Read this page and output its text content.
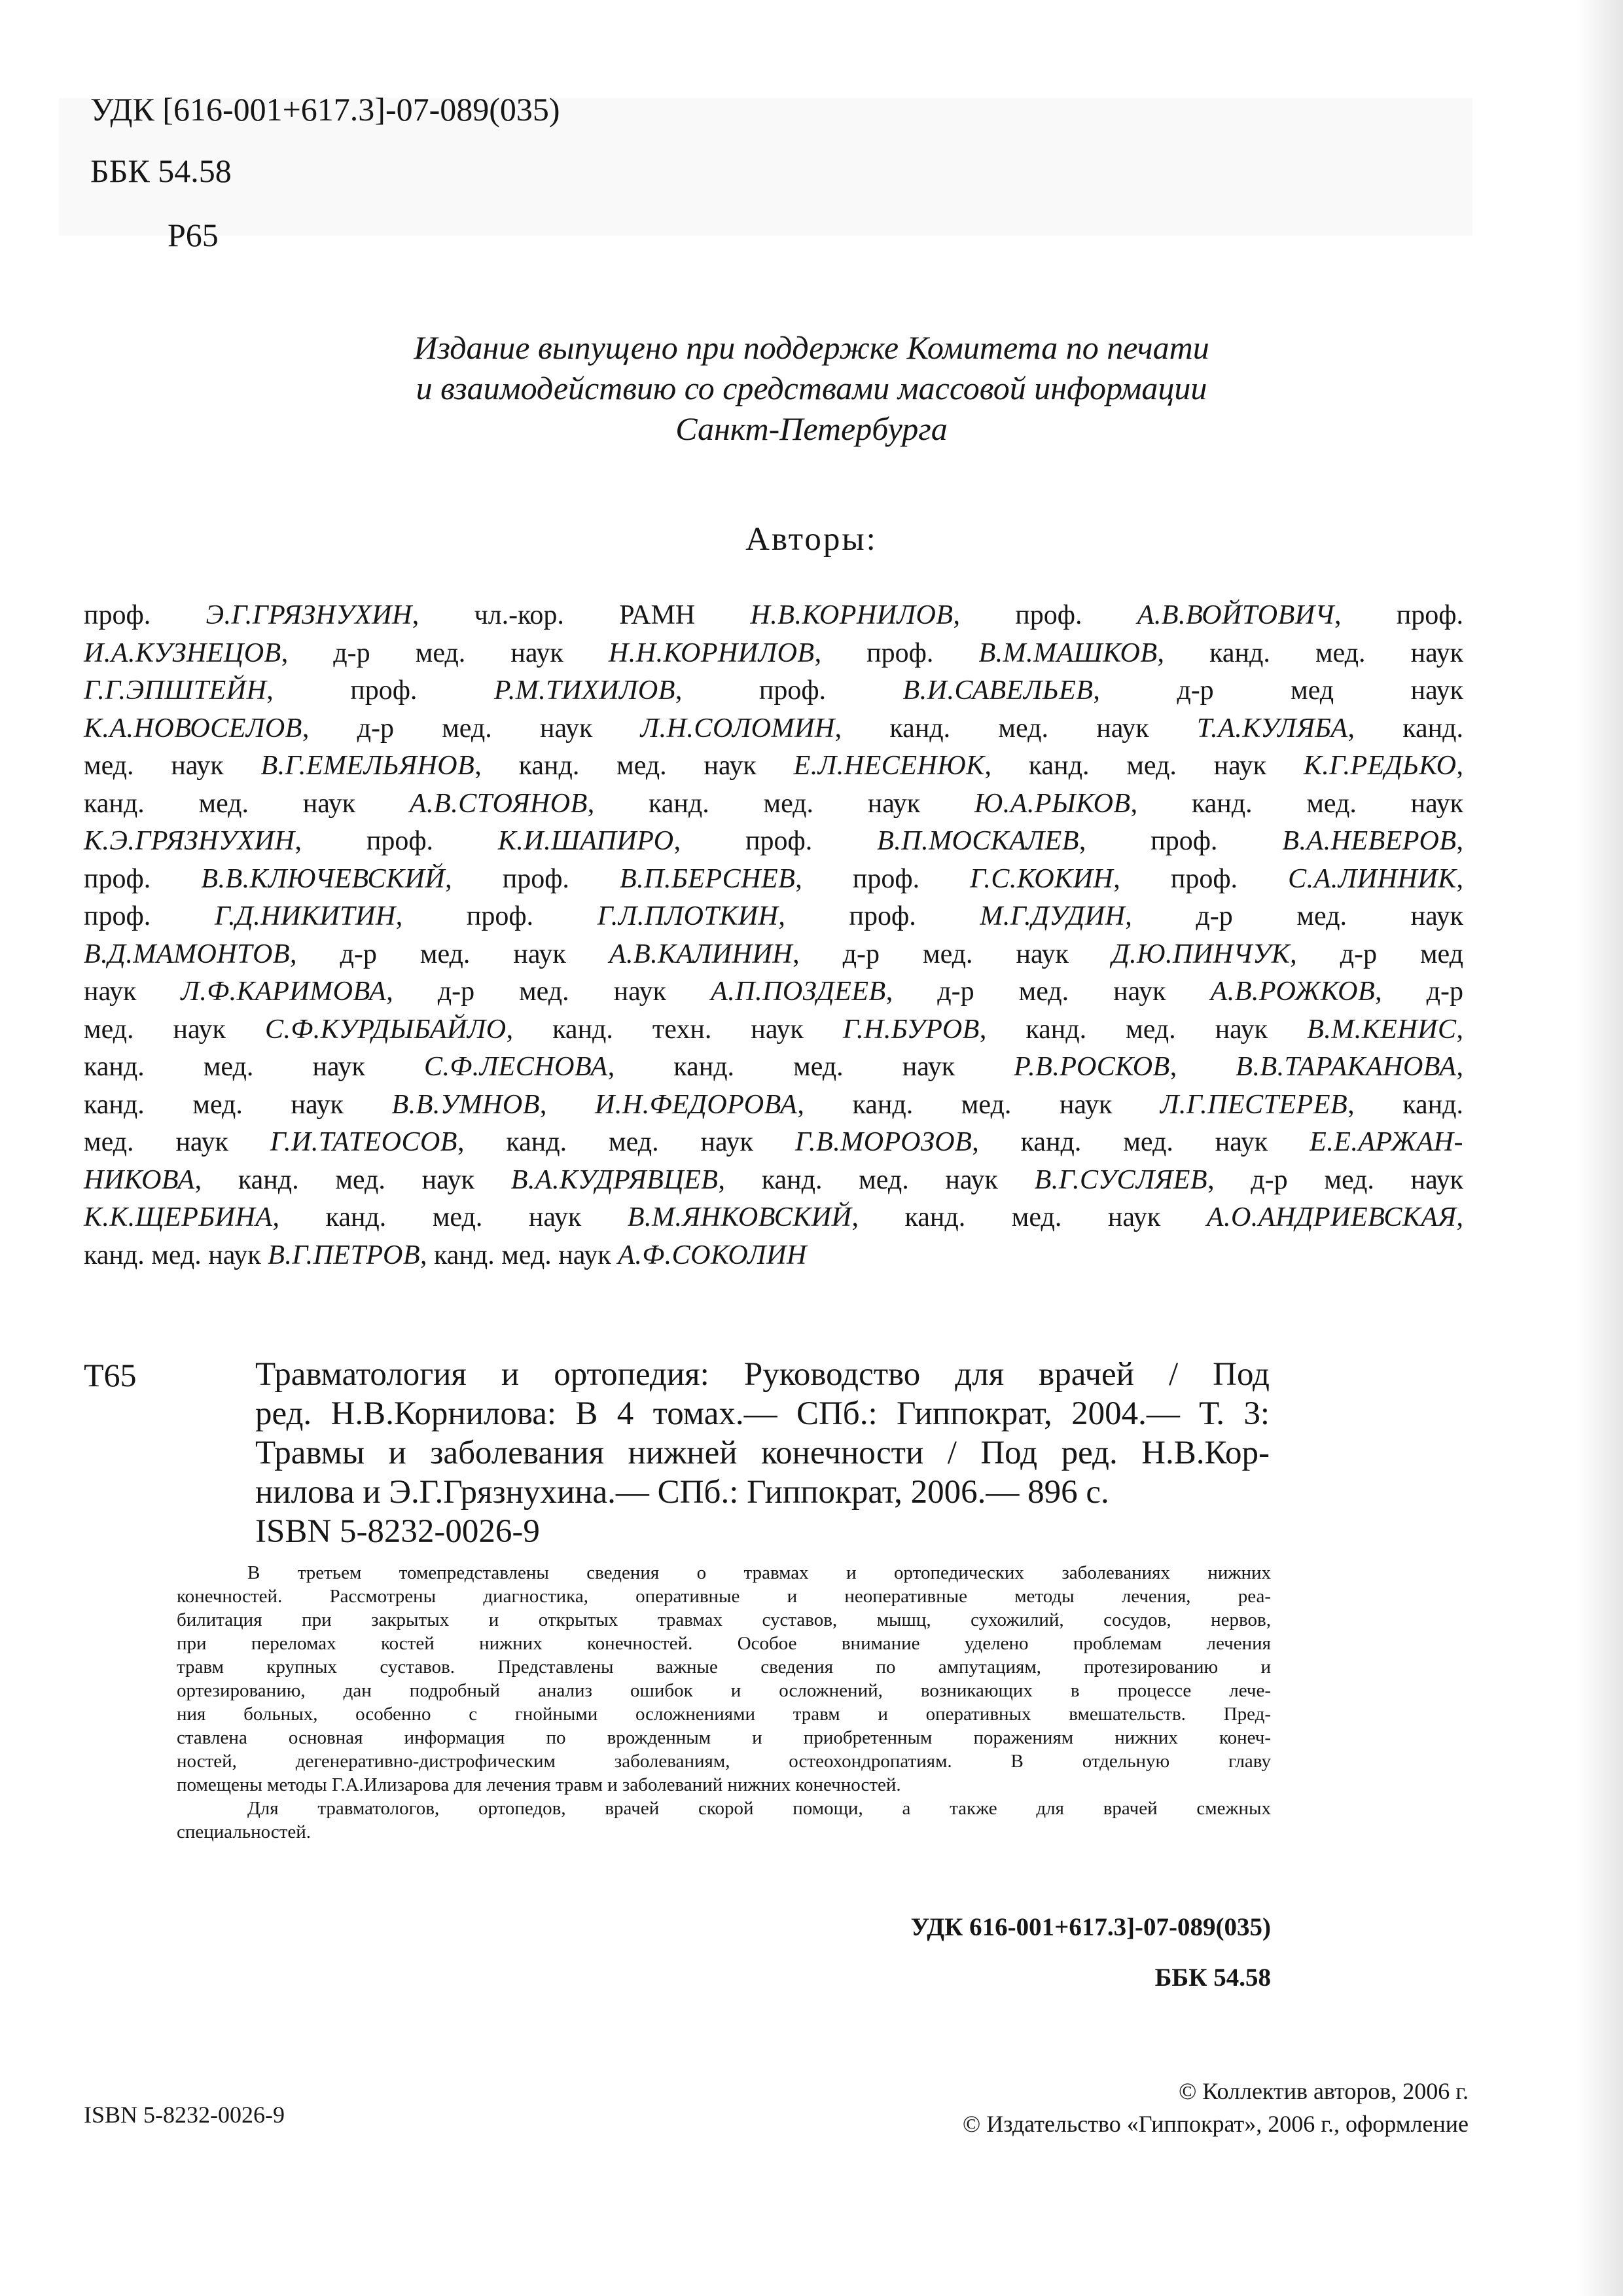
УДК [616-001+617.3]-07-089(035)
ББК 54.58
Р65
Издание выпущено при поддержке Комитета по печати
и взаимодействию со средствами массовой информации
Санкт-Петербурга
Авторы:
проф. Э.Г.ГРЯЗНУХИН, чл.-кор. РАМН Н.В.КОРНИЛОВ, проф. А.В.ВОЙТОВИЧ, проф.
И.А.КУЗНЕЦОВ, д-р мед. наук Н.Н.КОРНИЛОВ, проф. В.М.МАШКОВ, канд. мед. наук
Г.Г.ЭПШТЕЙН, проф. Р.М.ТИХИЛОВ, проф. В.И.САВЕЛЬЕВ, д-р мед наук
К.А.НОВОСЕЛОВ, д-р мед. наук Л.Н.СОЛОМИН, канд. мед. наук Т.А.КУЛЯБА, канд.
мед. наук В.Г.ЕМЕЛЬЯНОВ, канд. мед. наук Е.Л.НЕСЕНЮК, канд. мед. наук К.Г.РЕДЬКО,
канд. мед. наук А.В.СТОЯНОВ, канд. мед. наук Ю.А.РЫКОВ, канд. мед. наук
К.Э.ГРЯЗНУХИН, проф. К.И.ШАПИРО, проф. В.П.МОСКАЛЕВ, проф. В.А.НЕВЕРОВ,
проф. В.В.КЛЮЧЕВСКИЙ, проф. В.П.БЕРСНЕВ, проф. Г.С.КОКИН, проф. С.А.ЛИННИК,
проф. Г.Д.НИКИТИН, проф. Г.Л.ПЛОТКИН, проф. М.Г.ДУДИН, д-р мед. наук
В.Д.МАМОНТОВ, д-р мед. наук А.В.КАЛИНИН, д-р мед. наук Д.Ю.ПИНЧУК, д-р мед
наук Л.Ф.КАРИМОВА, д-р мед. наук А.П.ПОЗДЕЕВ, д-р мед. наук А.В.РОЖКОВ, д-р
мед. наук С.Ф.КУРДЫБАЙЛО, канд. техн. наук Г.Н.БУРОВ, канд. мед. наук В.М.КЕНИС,
канд. мед. наук С.Ф.ЛЕСНОВА, канд. мед. наук Р.В.РОСКОВ, В.В.ТАРАКАНОВА,
канд. мед. наук В.В.УМНОВ, И.Н.ФЕДОРОВА, канд. мед. наук Л.Г.ПЕСТЕРЕВ, канд.
мед. наук Г.И.ТАТЕОСОВ, канд. мед. наук Г.В.МОРОЗОВ, канд. мед. наук Е.Е.АРЖАН-
НИКОВА, канд. мед. наук В.А.КУДРЯВЦЕВ, канд. мед. наук В.Г.СУСЛЯЕВ, д-р мед. наук
К.К.ЩЕРБИНА, канд. мед. наук В.М.ЯНКОВСКИЙ, канд. мед. наук А.О.АНДРИЕВСКАЯ,
канд. мед. наук В.Г.ПЕТРОВ, канд. мед. наук А.Ф.СОКОЛИН
Т65	Травматология и ортопедия: Руководство для врачей / Под
ред. Н.В.Корнилова: В 4 томах.— СПб.: Гиппократ, 2004.— Т. 3:
Травмы и заболевания нижней конечности / Под ред. Н.В.Кор-
нилова и Э.Г.Грязнухина.— СПб.: Гиппократ, 2006.— 896 с.
ISBN 5-8232-0026-9
В третьем томепредставлены сведения о травмах и ортопедических заболеваниях нижних
конечностей. Рассмотрены диагностика, оперативные и неоперативные методы лечения, реа-
билитация при закрытых и открытых травмах суставов, мышц, сухожилий, сосудов, нервов,
при переломах костей нижних конечностей. Особое внимание уделено проблемам лечения
травм крупных суставов. Представлены важные сведения по ампутациям, протезированию и
ортезированию, дан подробный анализ ошибок и осложнений, возникающих в процессе лече-
ния больных, особенно с гнойными осложнениями травм и оперативных вмешательств. Пред-
ставлена основная информация по врожденным и приобретенным поражениям нижних конеч-
ностей, дегенеративно-дистрофическим заболеваниям, остеохондропатиям. В отдельную главу
помещены методы Г.А.Илизарова для лечения травм и заболеваний нижних конечностей.
Для травматологов, ортопедов, врачей скорой помощи, а также для врачей смежных
специальностей.
УДК 616-001+617.3]-07-089(035)
ББК 54.58
ISBN 5-8232-0026-9
© Коллектив авторов, 2006 г.
© Издательство «Гиппократ», 2006 г., оформление
